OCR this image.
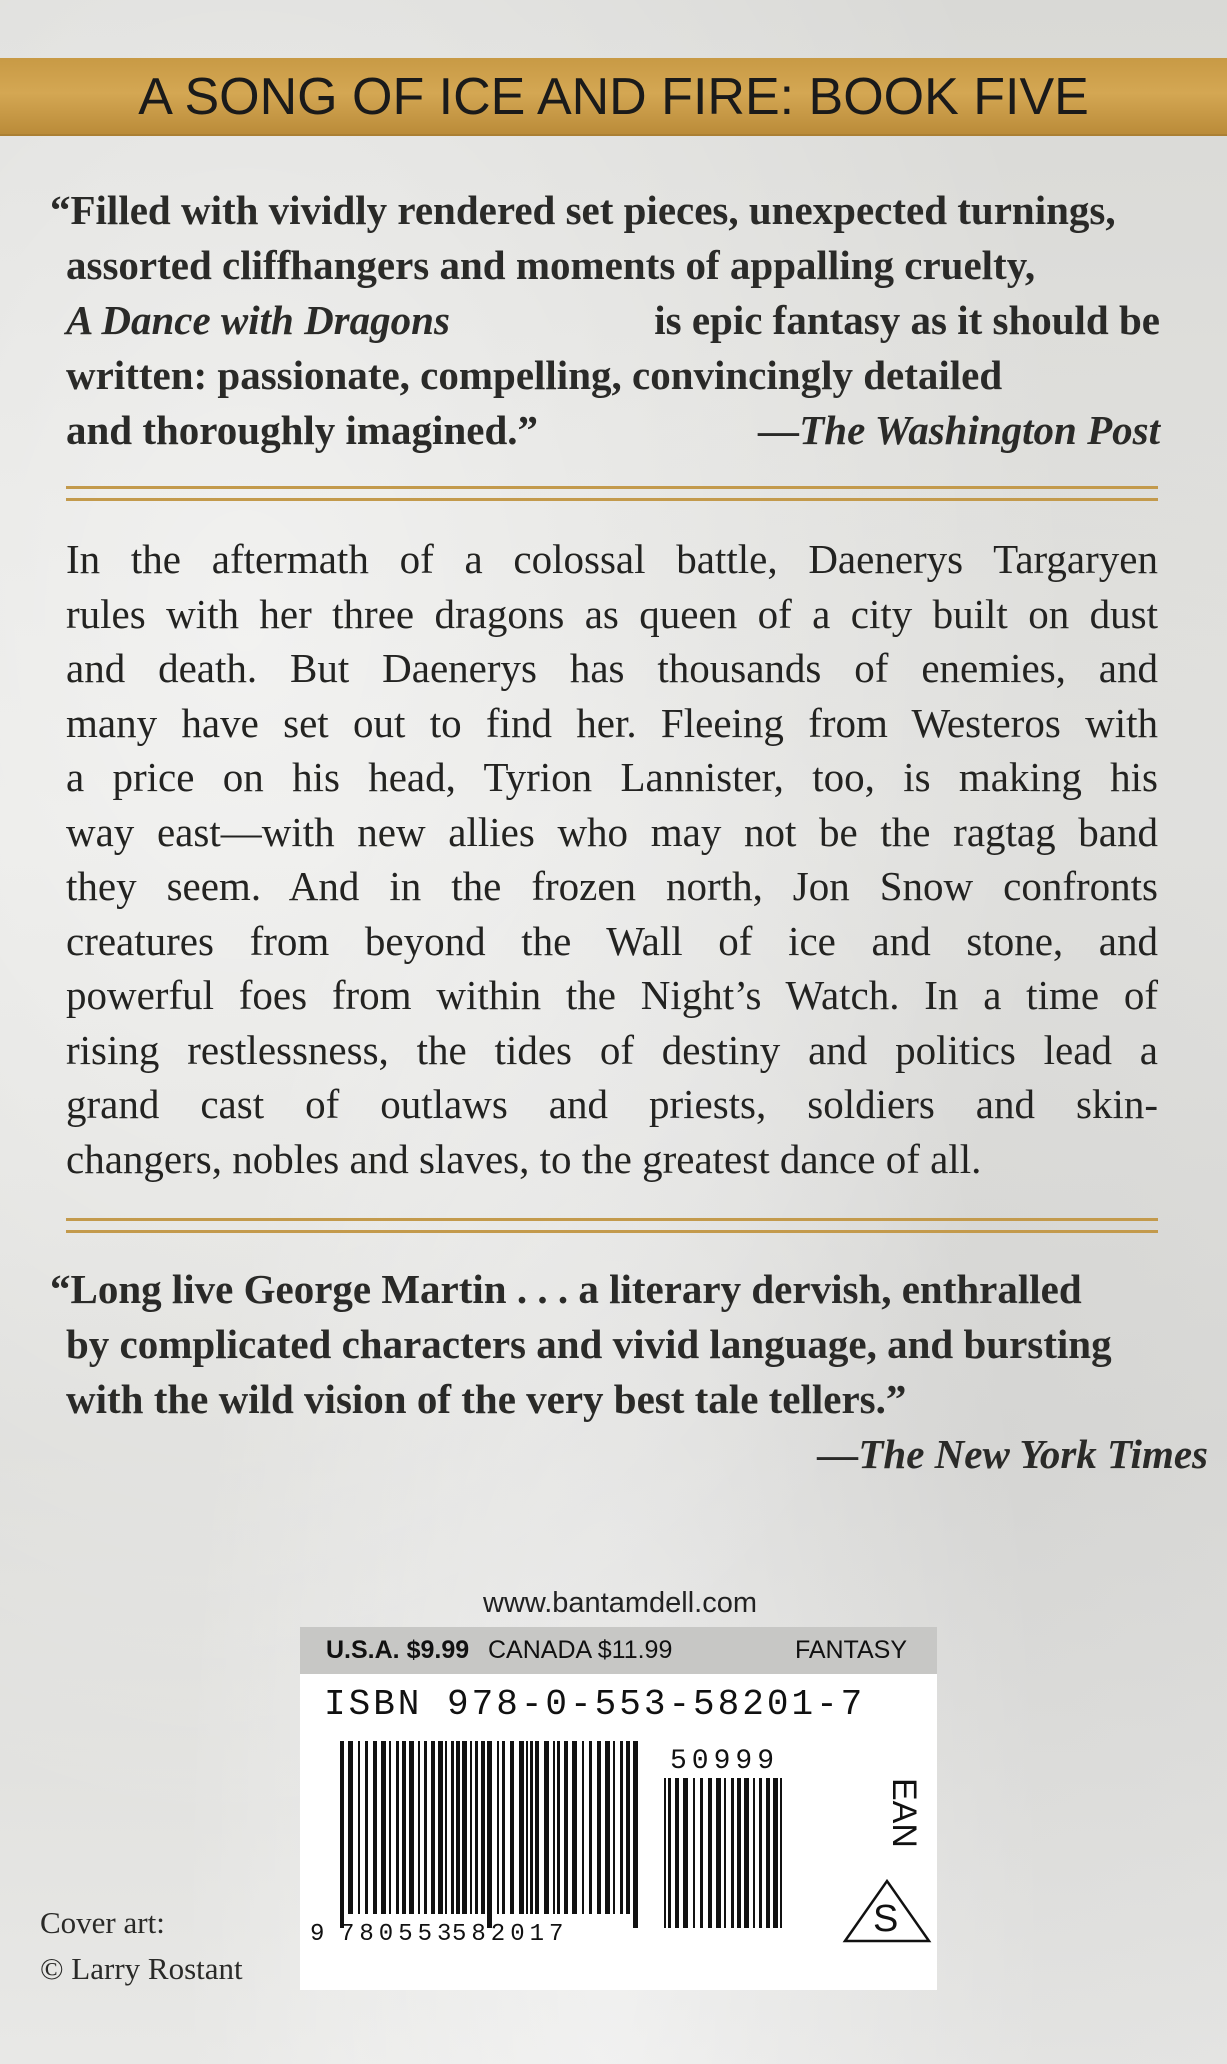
A SONG OF ICE AND FIRE: BOOK FIVE
“Filled with vividly rendered set pieces, unexpected turnings,
assorted cliffhangers and moments of appalling cruelty,
A Dance with Dragons	is epic fantasy as it should be
written: passionate, compelling, convincingly detailed
and thoroughly imagined.”	—The Washington Post
In the aftermath of a colossal battle, Daenerys Targaryen
rules with her three dragons as queen of a city built on dust
and death. But Daenerys has thousands of enemies, and
many have set out to find her. Fleeing from Westeros with
a price on his head, Tyrion Lannister, too, is making his
way east—with new allies who may not be the ragtag band
they seem. And in the frozen north, Jon Snow confronts
creatures from beyond the Wall of ice and stone, and
powerful foes from within the Night’s Watch. In a time of
rising restlessness, the tides of destiny and politics lead a
grand cast of outlaws and priests, soldiers and skin-
changers, nobles and slaves, to the greatest dance of all.
“Long live George Martin . . . a literary dervish, enthralled
by complicated characters and vivid language, and bursting
with the wild vision of the very best tale tellers.”
—The New York Times
www.bantamdell.com
U.S.A. $9.99 CANADA $11.99	FANTASY
ISBN 978-0-553-58201-7
9 780553
582017
50999
EAN
S
Cover art:
© Larry Rostant
